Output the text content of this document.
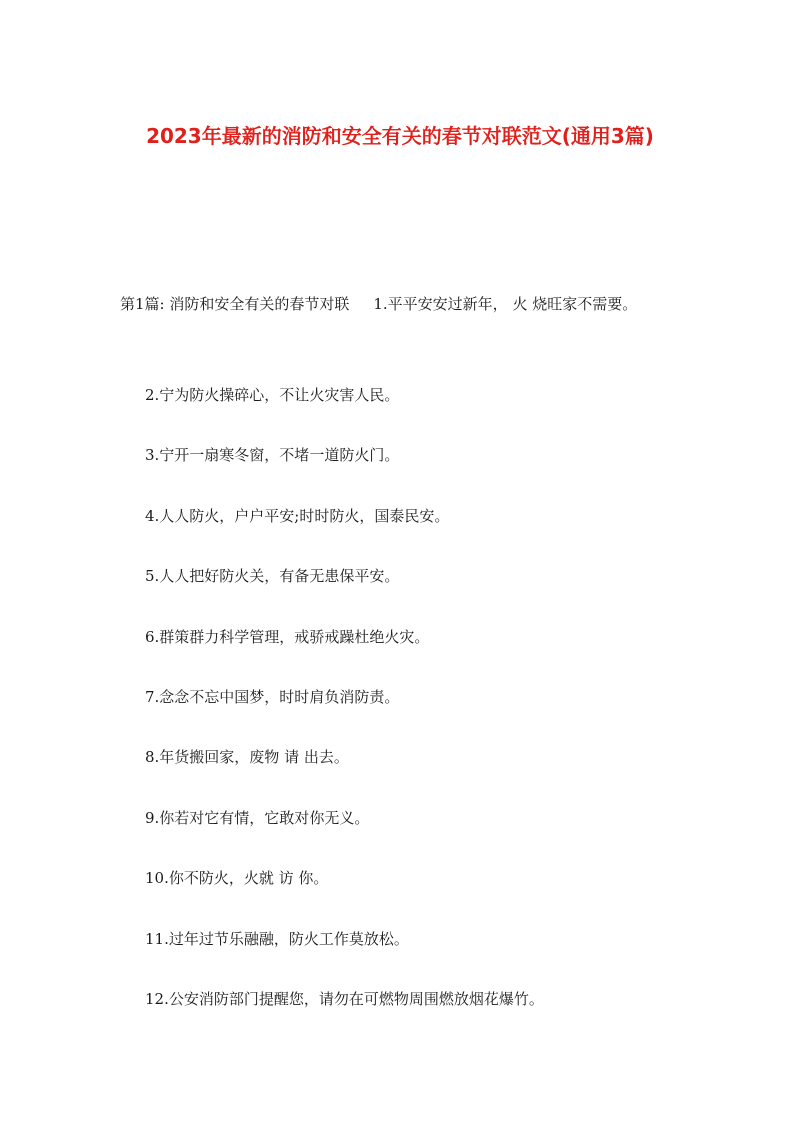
2023年最新的消防和安全有关的春节对联范文(通用3篇)

第1篇: 消防和安全有关的春节对联 1.平平安安过新年， 火 烧旺家不需要。

2.宁为防火操碎心，不让火灾害人民。
3.宁开一扇寒冬窗，不堵一道防火门。
4.人人防火，户户平安;时时防火，国泰民安。
5.人人把好防火关，有备无患保平安。
6.群策群力科学管理，戒骄戒躁杜绝火灾。
7.念念不忘中国梦，时时肩负消防责。
8.年货搬回家，废物 请 出去。
9.你若对它有情，它敢对你无义。
10.你不防火，火就 访 你。
11.过年过节乐融融，防火工作莫放松。
12.公安消防部门提醒您，请勿在可燃物周围燃放烟花爆竹。
